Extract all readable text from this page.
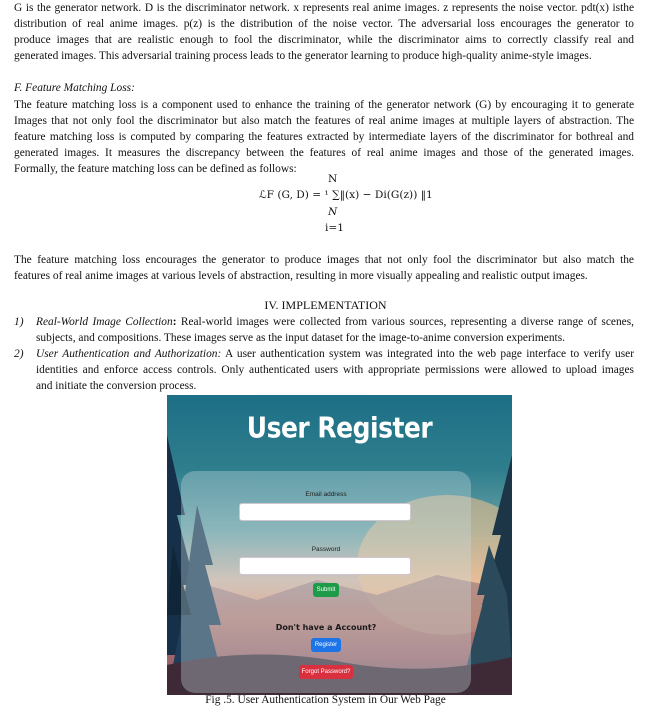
G is the generator network. D is the discriminator network. x represents real anime images. z represents the noise vector. pdt(x) isthe
distribution of real anime images. p(z) is the distribution of the noise vector. The adversarial loss encourages the generator to
produce images that are realistic enough to fool the discriminator, while the discriminator aims to correctly classify real and
generated images. This adversarial training process leads to the generator learning to produce high-quality anime-style images.
F. Feature Matching Loss:
The feature matching loss is a component used to enhance the training of the generator network (G) by encouraging it to generate
Images that not only fool the discriminator but also match the features of real anime images at multiple layers of abstraction. The
feature matching loss is computed by comparing the features extracted by intermediate layers of the discriminator for bothreal and
generated images. It measures the discrepancy between the features of real anime images and those of the generated images.
Formally, the feature matching loss can be defined as follows:
N
ℒF (G, D) = ¹ ∑‖(x) − Di(G(z)) ‖1
N
i=1
The feature matching loss encourages the generator to produce images that not only fool the discriminator but also match the
features of real anime images at various levels of abstraction, resulting in more visually appealing and realistic output images.
IV. IMPLEMENTATION
1) Real-World Image Collection: Real-world images were collected from various sources, representing a diverse range of scenes,
subjects, and compositions. These images serve as the input dataset for the image-to-anime conversion experiments.
2) User Authentication and Authorization: A user authentication system was integrated into the web page interface to verify user
identities and enforce access controls. Only authenticated users with appropriate permissions were allowed to upload images
and initiate the conversion process.
User Register
Email address
Password
Submit
Don't have a Account?
Register
Forgot Password?
Fig .5. User Authentication System in Our Web Page
